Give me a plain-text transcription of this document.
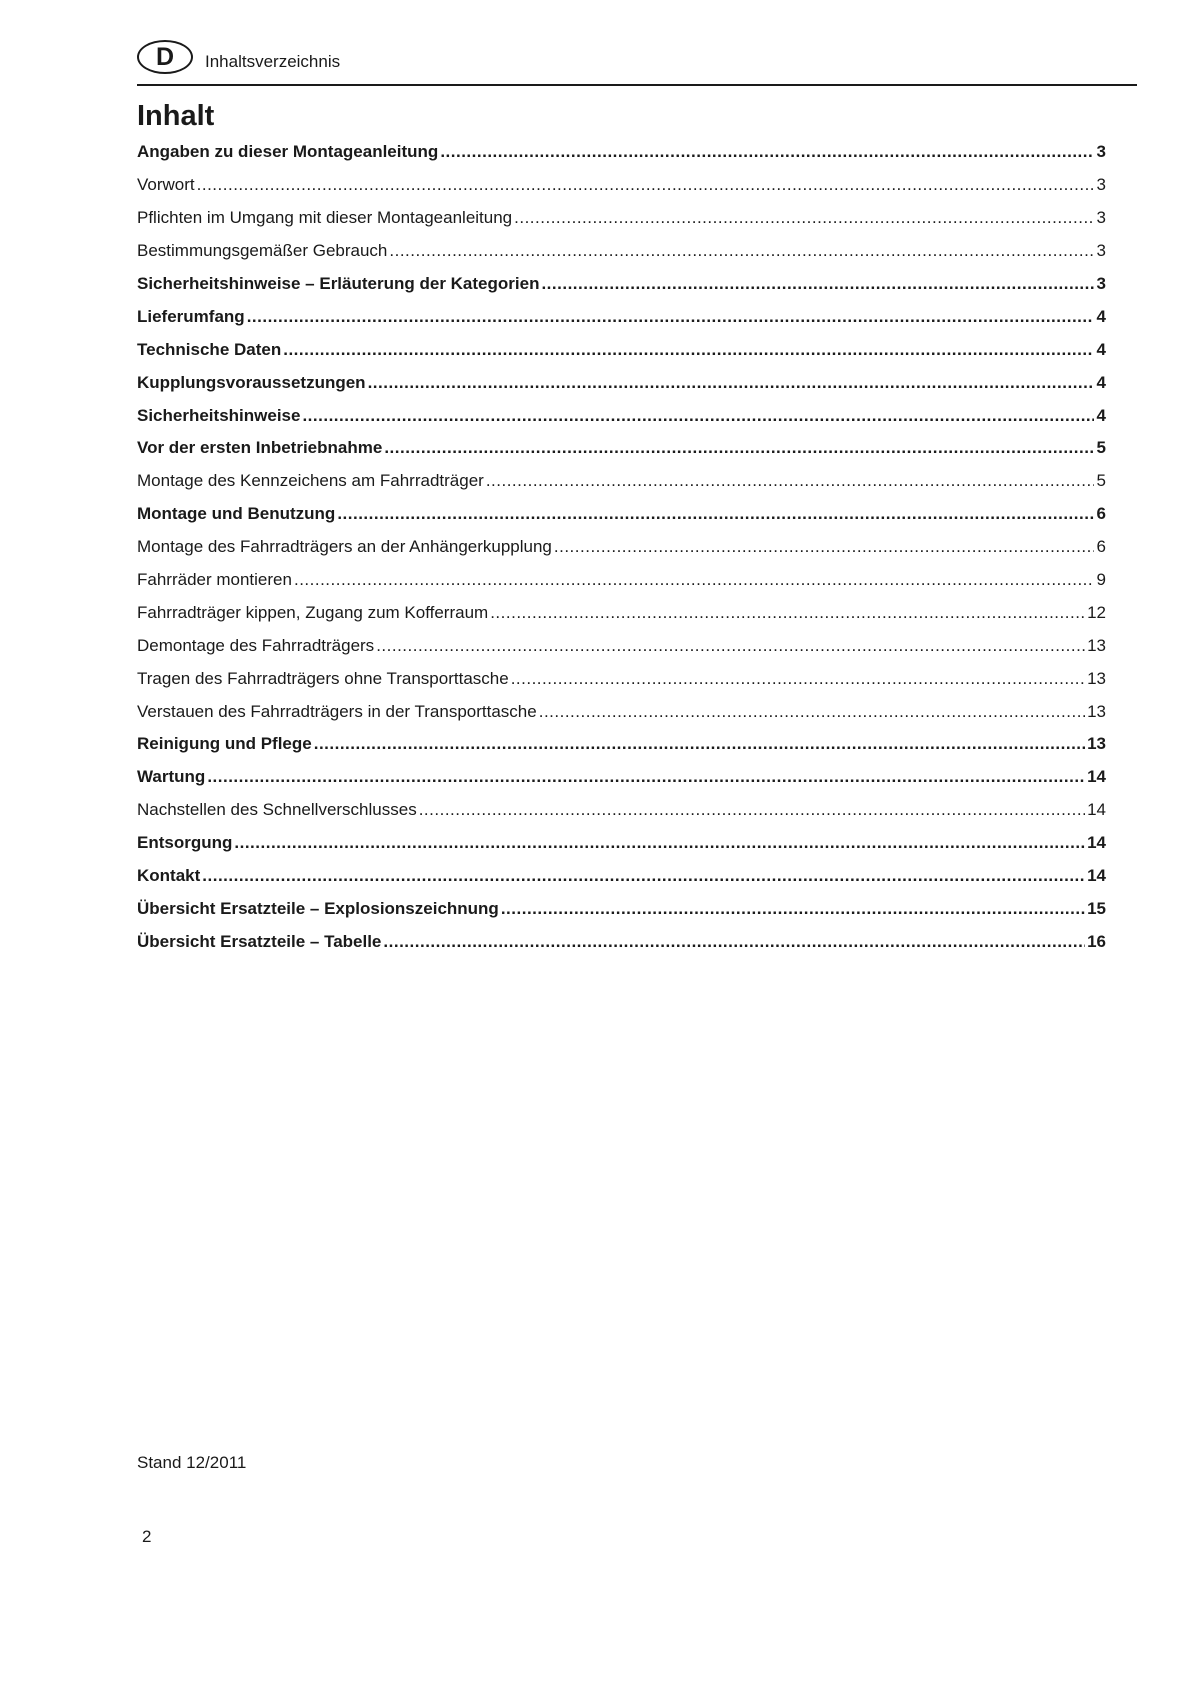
D	Inhaltsverzeichnis
Inhalt
Angaben zu dieser Montageanleitung .....	3
Vorwort .....	3
Pflichten im Umgang mit dieser Montageanleitung .....	3
Bestimmungsgemäßer Gebrauch .....	3
Sicherheitshinweise – Erläuterung der Kategorien .....	3
Lieferumfang .....	4
Technische Daten .....	4
Kupplungsvoraussetzungen .....	4
Sicherheitshinweise .....	4
Vor der ersten Inbetriebnahme .....	5
Montage des Kennzeichens am Fahrradträger .....	5
Montage und Benutzung .....	6
Montage des Fahrradträgers an der Anhängerkupplung .....	6
Fahrräder montieren .....	9
Fahrradträger kippen, Zugang zum Kofferraum .....	12
Demontage des Fahrradträgers .....	13
Tragen des Fahrradträgers ohne Transporttasche .....	13
Verstauen des Fahrradträgers in der Transporttasche .....	13
Reinigung und Pflege .....	13
Wartung .....	14
Nachstellen des Schnellverschlusses .....	14
Entsorgung .....	14
Kontakt .....	14
Übersicht Ersatzteile – Explosionszeichnung .....	15
Übersicht Ersatzteile – Tabelle .....	16
Stand 12/2011
2
